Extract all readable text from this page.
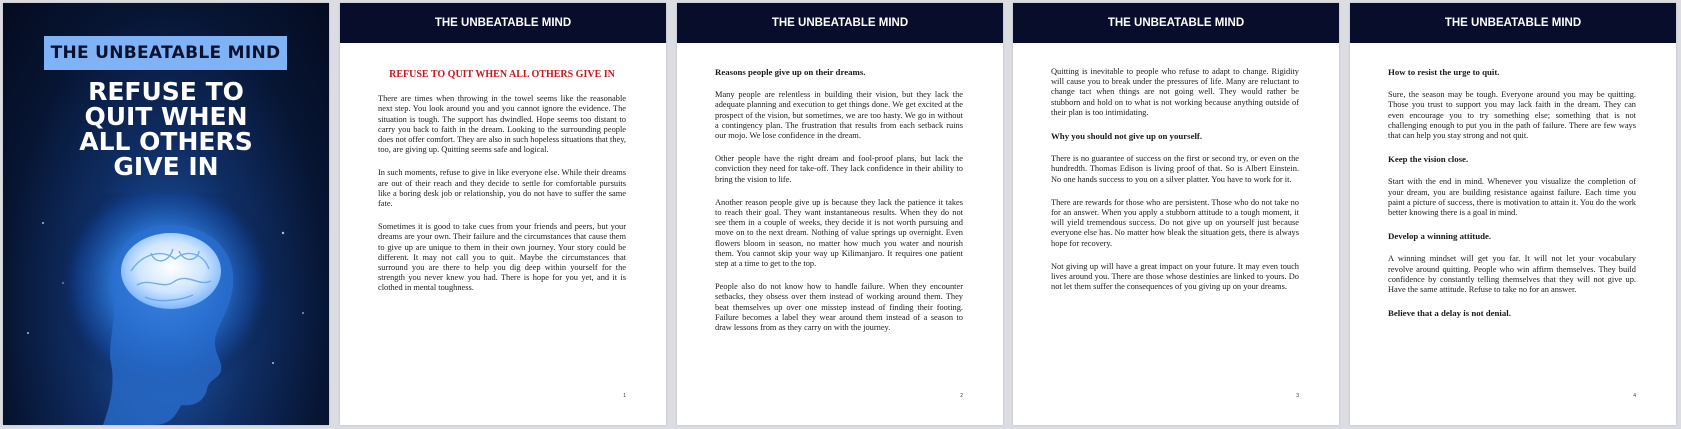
THE UNBEATABLE MIND
REFUSE TO
QUIT WHEN
ALL OTHERS
GIVE IN
THE UNBEATABLE MIND
REFUSE TO QUIT WHEN ALL OTHERS GIVE IN

There are times when throwing in the towel seems like the reasonable next step. You look around you and you cannot ignore the evidence. The situation is tough. The support has dwindled. Hope seems too distant to carry you back to faith in the dream. Looking to the surrounding people does not offer comfort. They are also in such hopeless situations that they, too, are giving up. Quitting seems safe and logical.

In such moments, refuse to give in like everyone else. While their dreams are out of their reach and they decide to settle for comfortable pursuits like a boring desk job or relationship, you do not have to suffer the same fate.

Sometimes it is good to take cues from your friends and peers, but your dreams are your own. Their failure and the circumstances that cause them to give up are unique to them in their own journey. Your story could be different. It may not call you to quit. Maybe the circumstances that surround you are there to help you dig deep within yourself for the strength you never knew you had. There is hope for you yet, and it is clothed in mental toughness.

1
THE UNBEATABLE MIND

Reasons people give up on their dreams.

Many people are relentless in building their vision, but they lack the adequate planning and execution to get things done. We get excited at the prospect of the vision, but sometimes, we are too hasty. We go in without a contingency plan. The frustration that results from each setback ruins our mojo. We lose confidence in the dream.

Other people have the right dream and fool-proof plans, but lack the conviction they need for take-off. They lack confidence in their ability to bring the vision to life.

Another reason people give up is because they lack the patience it takes to reach their goal. They want instantaneous results. When they do not see them in a couple of weeks, they decide it is not worth pursuing and move on to the next dream. Nothing of value springs up overnight. Even flowers bloom in season, no matter how much you water and nourish them. You cannot skip your way up Kilimanjaro. It requires one patient step at a time to get to the top.

People also do not know how to handle failure. When they encounter setbacks, they obsess over them instead of working around them. They beat themselves up over one misstep instead of finding their footing. Failure becomes a label they wear around them instead of a season to draw lessons from as they carry on with the journey.

2
THE UNBEATABLE MIND

Quitting is inevitable to people who refuse to adapt to change. Rigidity will cause you to break under the pressures of life. Many are reluctant to change tact when things are not going well. They would rather be stubborn and hold on to what is not working because anything outside of their plan is too intimidating.

Why you should not give up on yourself.

There is no guarantee of success on the first or second try, or even on the hundredth. Thomas Edison is living proof of that. So is Albert Einstein. No one hands success to you on a silver platter. You have to work for it.

There are rewards for those who are persistent. Those who do not take no for an answer. When you apply a stubborn attitude to a tough moment, it will yield tremendous success. Do not give up on yourself just because everyone else has. No matter how bleak the situation gets, there is always hope for recovery.

Not giving up will have a great impact on your future. It may even touch lives around you. There are those whose destinies are linked to yours. Do not let them suffer the consequences of you giving up on your dreams.

3
THE UNBEATABLE MIND

How to resist the urge to quit.

Sure, the season may be tough. Everyone around you may be quitting. Those you trust to support you may lack faith in the dream. They can even encourage you to try something else; something that is not challenging enough to put you in the path of failure. There are few ways that can help you stay strong and not quit.

Keep the vision close.

Start with the end in mind. Whenever you visualize the completion of your dream, you are building resistance against failure. Each time you paint a picture of success, there is motivation to attain it. You do the work better knowing there is a goal in mind.

Develop a winning attitude.

A winning mindset will get you far. It will not let your vocabulary revolve around quitting. People who win affirm themselves. They build confidence by constantly telling themselves that they will not give up. Have the same attitude. Refuse to take no for an answer.

Believe that a delay is not denial.

4
